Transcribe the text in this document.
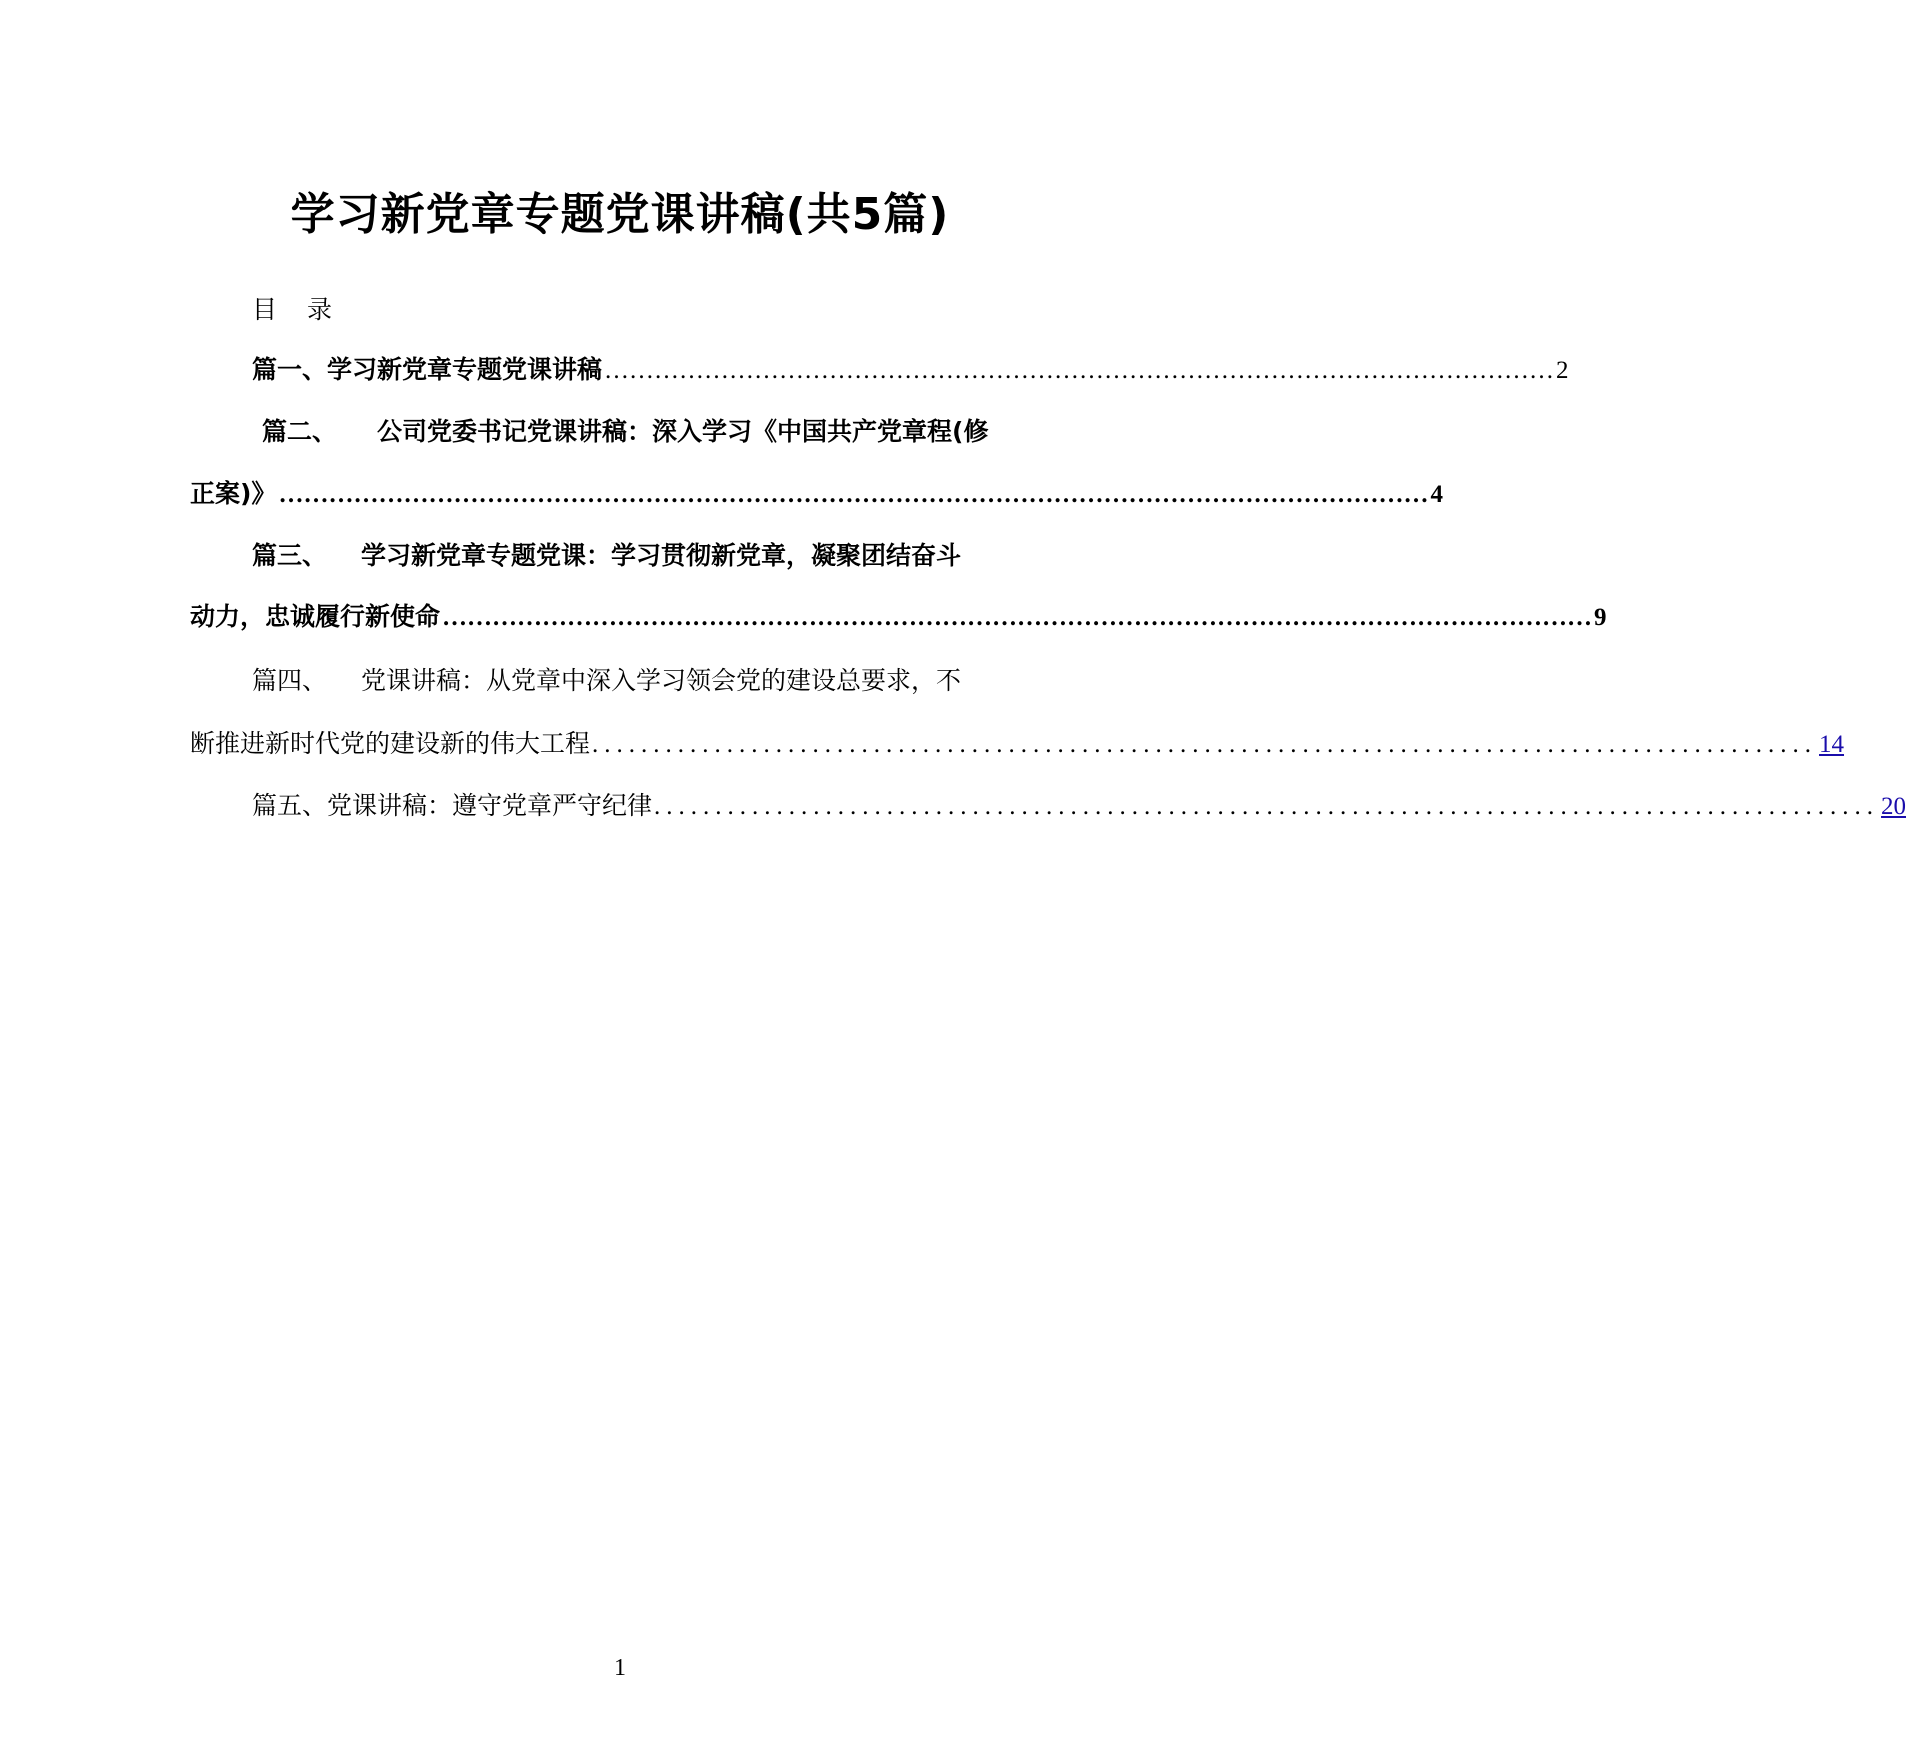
学习新党章专题党课讲稿(共5篇)
目 录
篇一、 学习新党章专题党课讲稿 …………………………………………………………………………………………………… 2
篇二、 公司党委书记党课讲稿：深入学习《中国共产党章程(修
正案)》 ………………………………………………………………………………………………………………………… 4
篇三、 学习新党章专题党课：学习贯彻新党章，凝聚团结奋斗
动力，忠诚履行新使命 ………………………………………………………………………………………………………………………… 9
篇四、 党课讲稿：从党章中深入学习领会党的建设总要求，不
断推进新时代党的建设新的伟大工程 .................................................................................................... 14
篇五、 党课讲稿：遵守党章严守纪律 .................................................................................................... 20
1
